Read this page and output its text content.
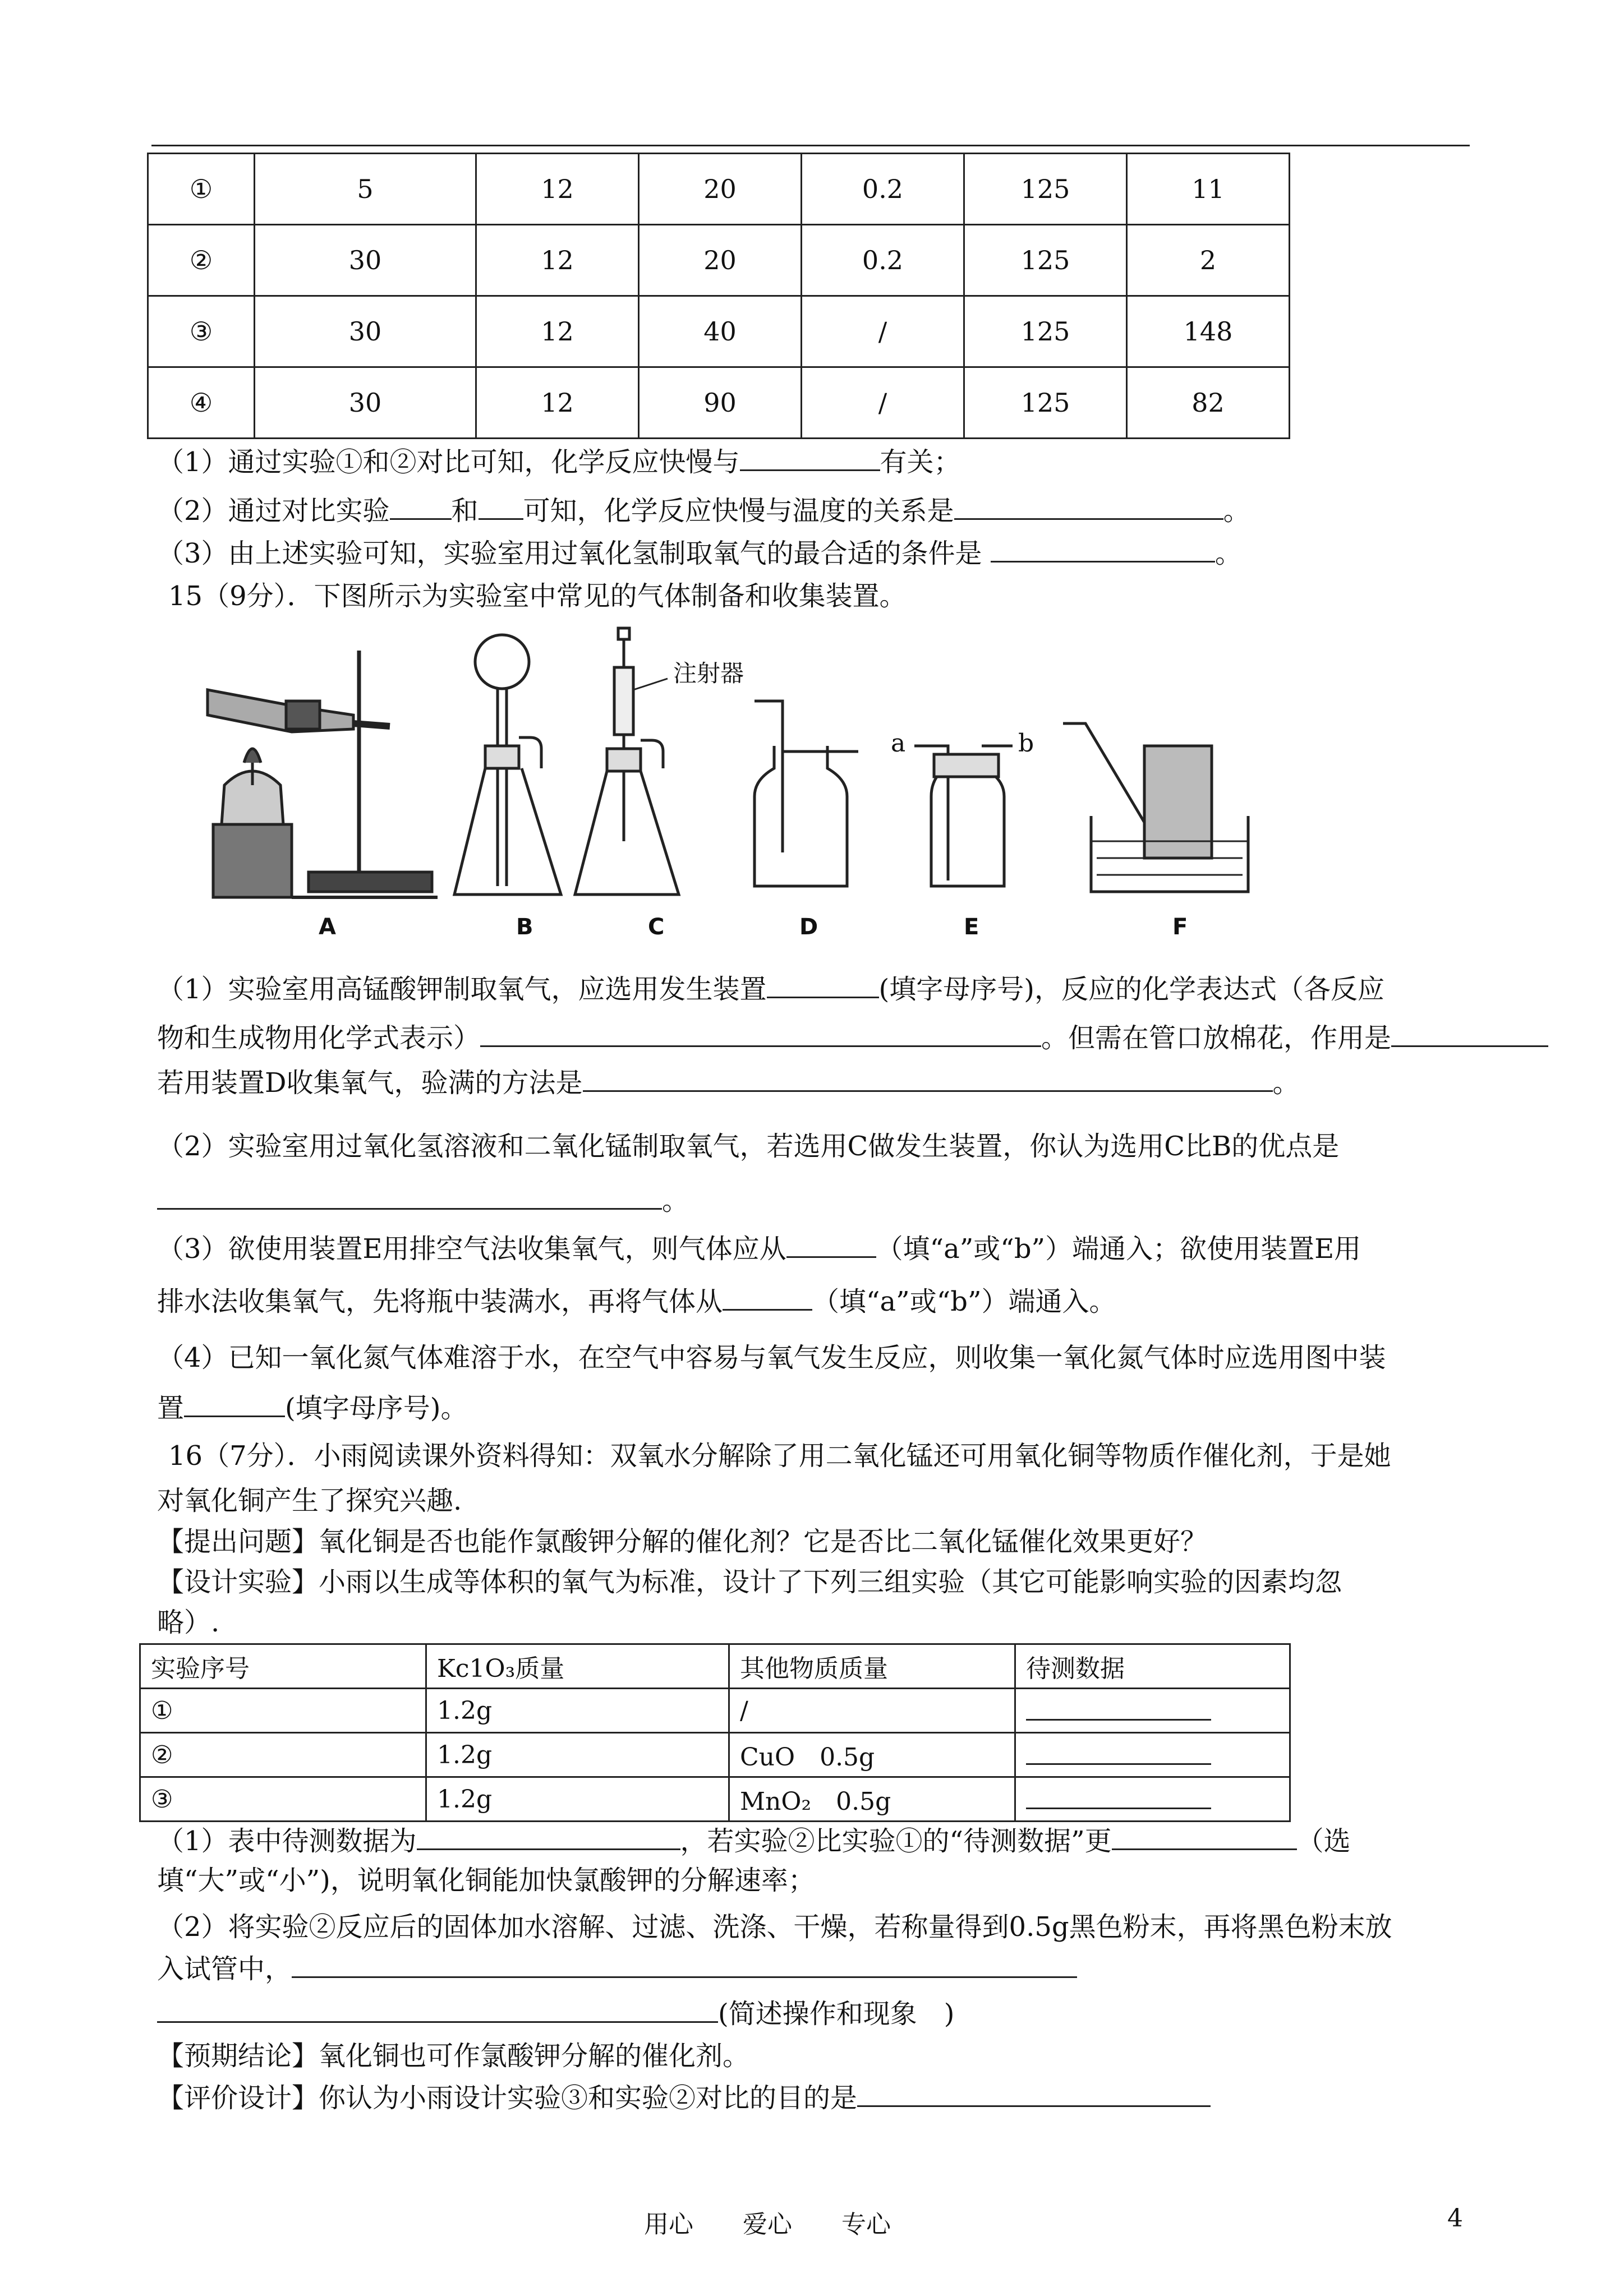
①	5	12	20	0.2	125	11
②	30	12	20	0.2	125	2
③	30	12	40	/	125	148
④	30	12	90	/	125	82
（1）通过实验①和②对比可知，化学反应快慢与	有关；
（2）通过对比实验 和 可知，化学反应快慢与温度的关系是	。
（3）由上述实验可知，实验室用过氧化氢制取氧气的最合适的条件是	。
15（9分）．下图所示为实验室中常见的气体制备和收集装置。
注射器
a	b
A	B	C	D	E	F
（1）实验室用高锰酸钾制取氧气，应选用发生装置	(填字母序号)，反应的化学表达式（各反应
物和生成物用化学式表示）	。但需在管口放棉花，作用是
若用装置D收集氧气，验满的方法是	。
（2）实验室用过氧化氢溶液和二氧化锰制取氧气，若选用C做发生装置，你认为选用C比B的优点是
。
（3）欲使用装置E用排空气法收集氧气，则气体应从	（填“a”或“b”）端通入；欲使用装置E用
排水法收集氧气，先将瓶中装满水，再将气体从	（填“a”或“b”）端通入。
（4）已知一氧化氮气体难溶于水，在空气中容易与氧气发生反应，则收集一氧化氮气体时应选用图中装
置	(填字母序号)。
16（7分）．小雨阅读课外资料得知：双氧水分解除了用二氧化锰还可用氧化铜等物质作催化剂，于是她
对氧化铜产生了探究兴趣.
【提出问题】氧化铜是否也能作氯酸钾分解的催化剂？它是否比二氧化锰催化效果更好？
【设计实验】小雨以生成等体积的氧气为标准，设计了下列三组实验（其它可能影响实验的因素均忽
略）.
实验序号	Kc1O₃质量	其他物质质量	待测数据
①	1.2g	/	
②	1.2g	CuO　0.5g	
③	1.2g	MnO₂　0.5g	
（1）表中待测数据为	，若实验②比实验①的“待测数据”更	（选
填“大”或“小”)，说明氧化铜能加快氯酸钾的分解速率；
（2）将实验②反应后的固体加水溶解、过滤、洗涤、干燥，若称量得到0.5g黑色粉末，再将黑色粉末放
入试管中，
(简述操作和现象　)
【预期结论】氧化铜也可作氯酸钾分解的催化剂。
【评价设计】你认为小雨设计实验③和实验②对比的目的是
用心　　爱心　　专心	4
